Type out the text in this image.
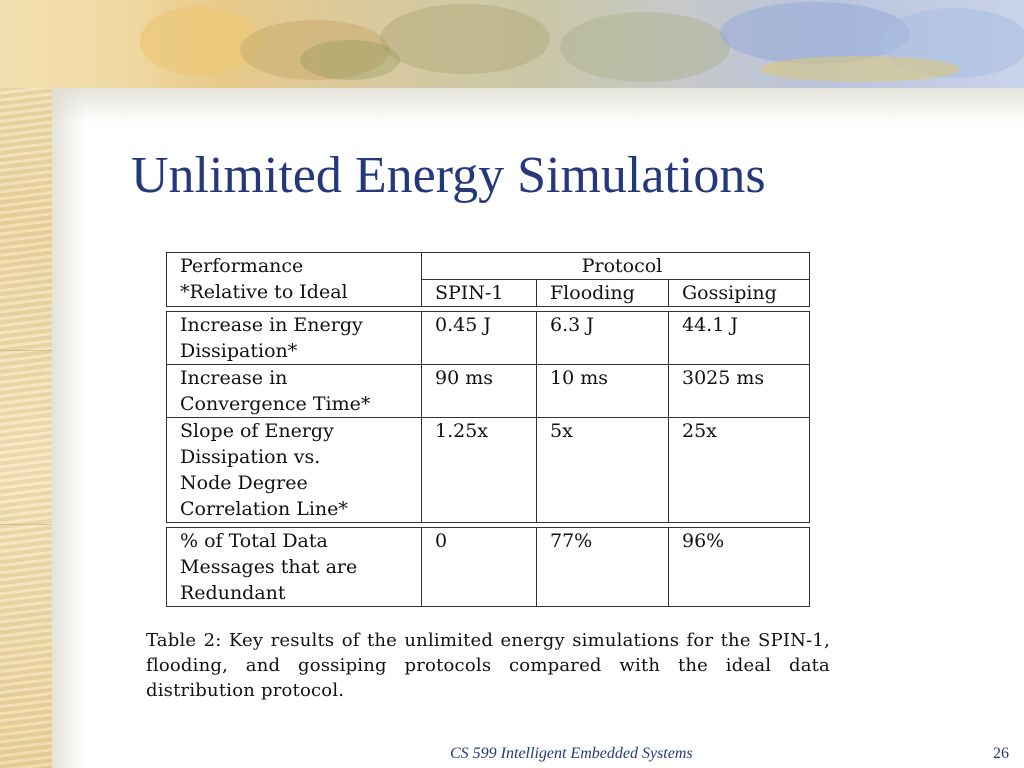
Unlimited Energy Simulations
Performance
*Relative to Ideal	Protocol		
	SPIN-1	Flooding	Gossiping

Increase in Energy
Dissipation*	0.45 J	6.3 J	44.1 J

Increase in
Convergence Time*	90 ms	10 ms	3025 ms

Slope of Energy
Dissipation vs.
Node Degree
Correlation Line*	1.25x	5x	25x

% of Total Data
Messages that are
Redundant	0	77%	96%

Table 2: Key results of the unlimited energy simulations for the SPIN-1, flooding, and gossiping protocols compared with the ideal data distribution protocol.

CS 599 Intelligent Embedded Systems	26
